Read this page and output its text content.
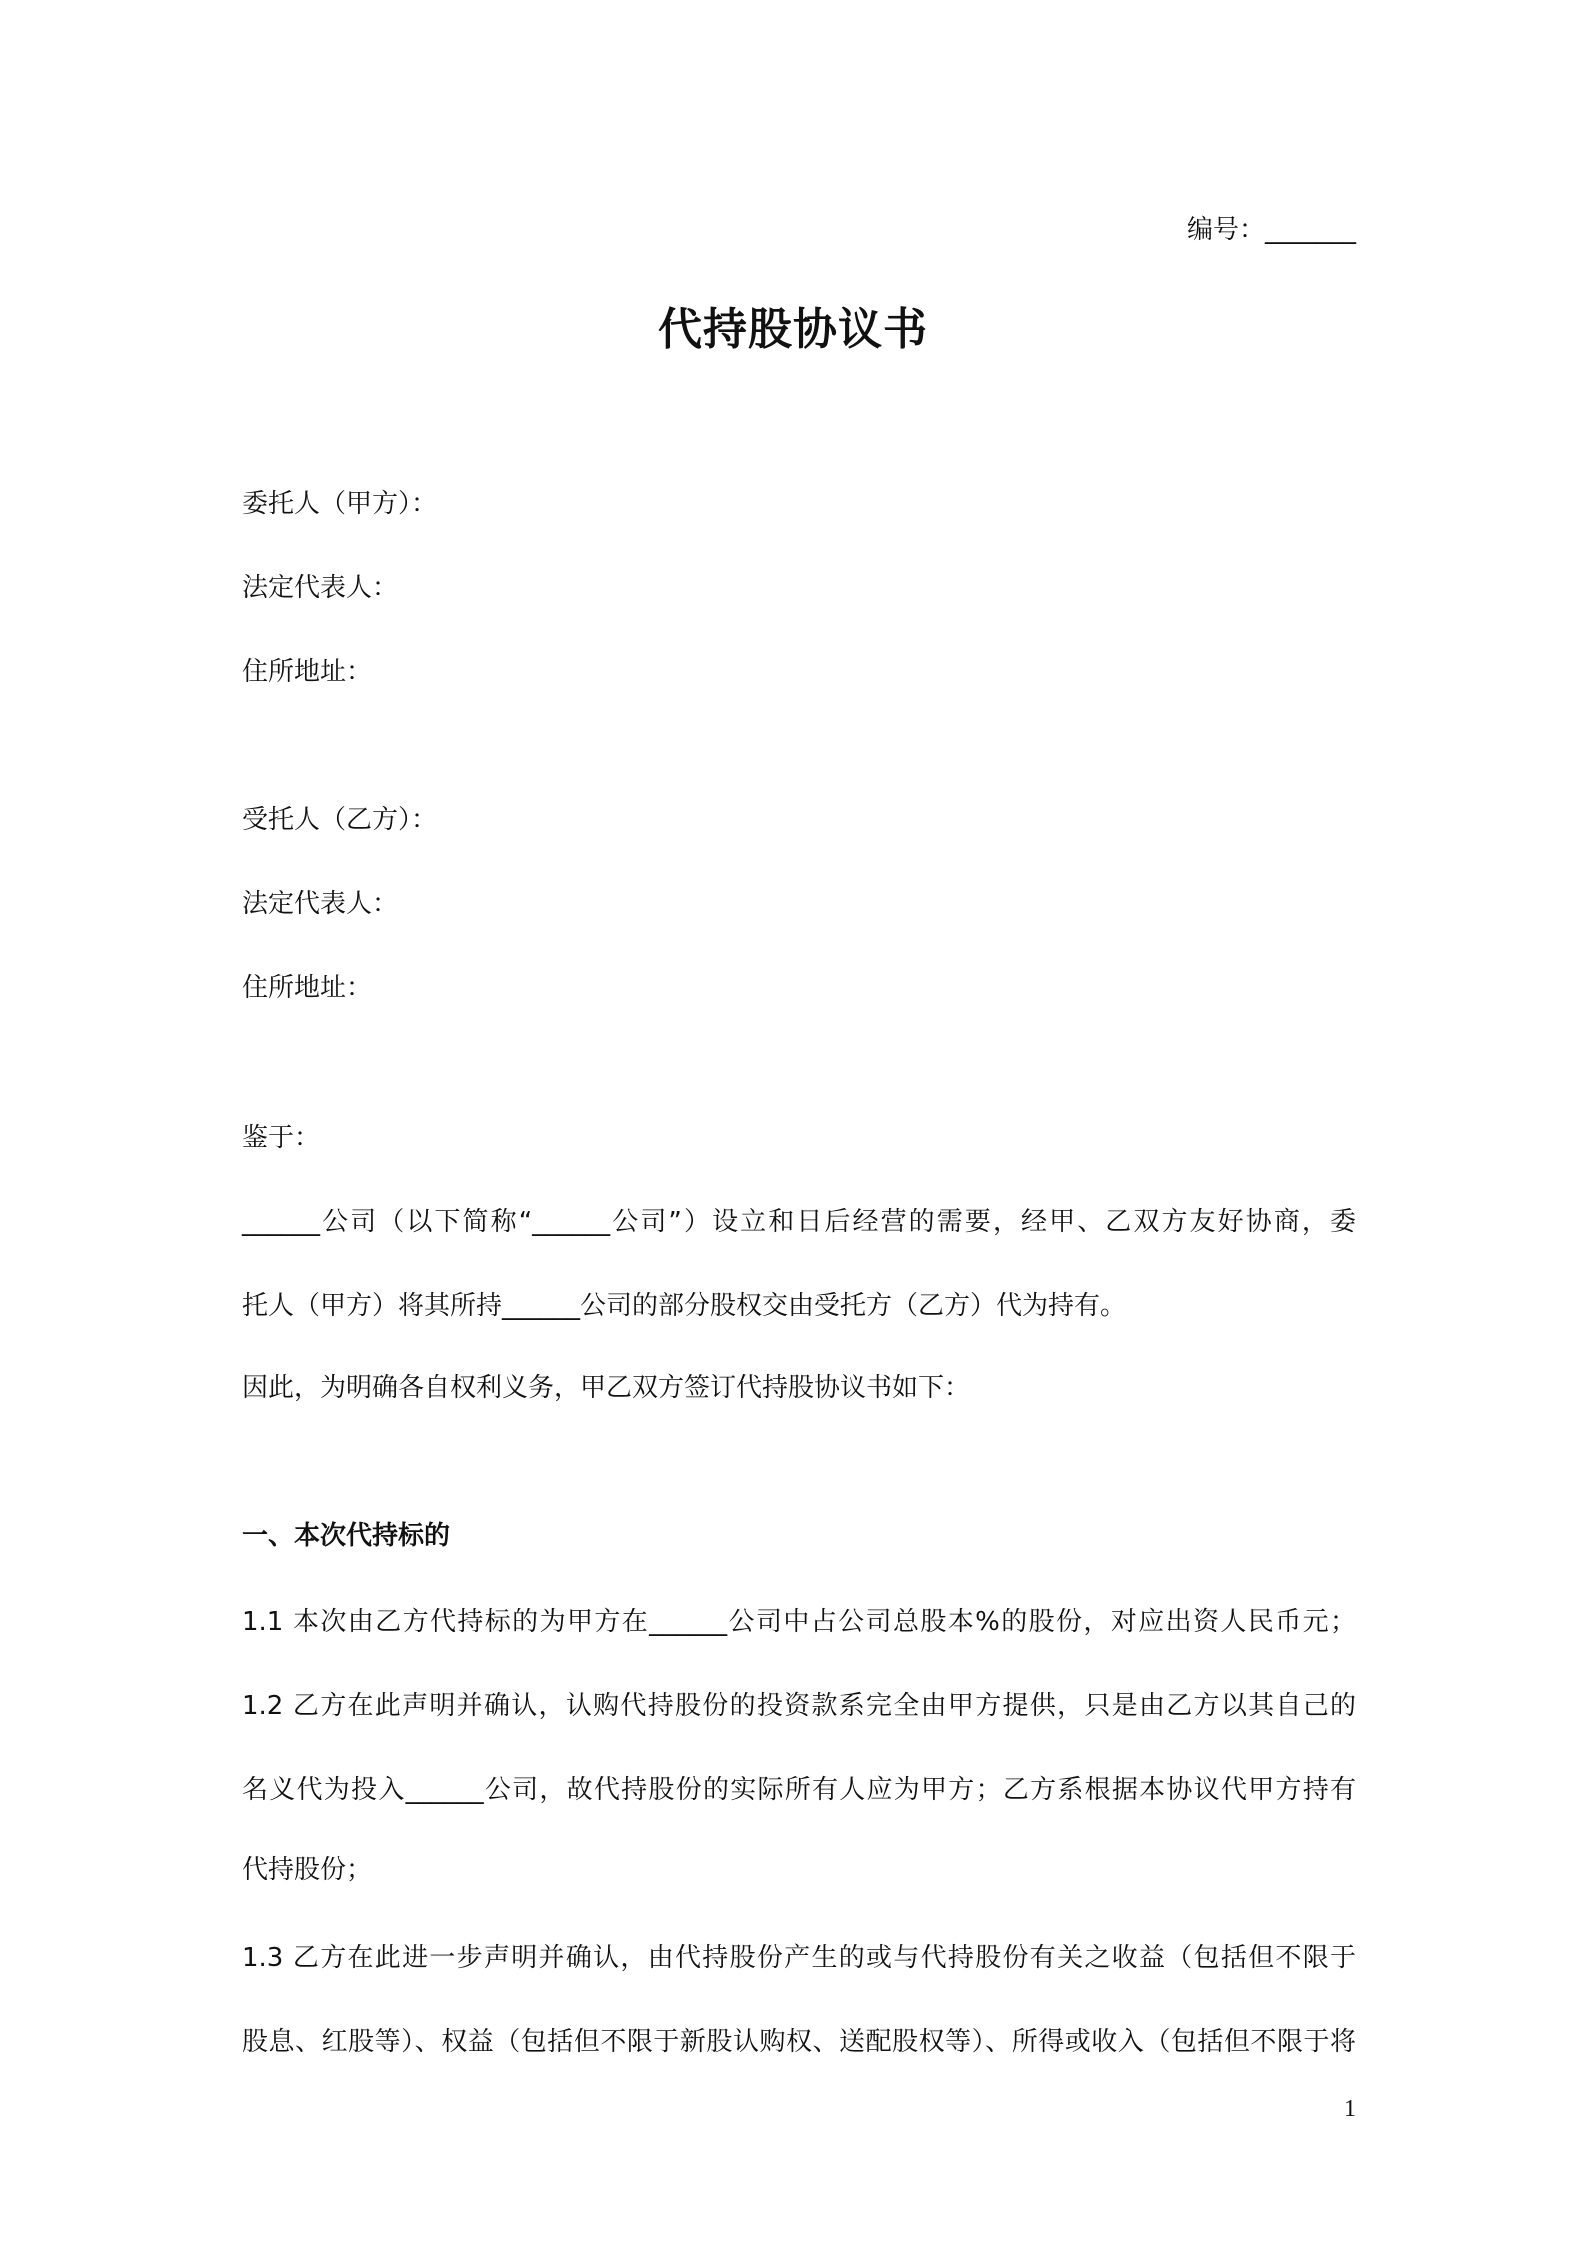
编号：_______
代持股协议书
委托人（甲方）：
法定代表人：
住所地址：
受托人（乙方）：
法定代表人：
住所地址：
鉴于：
______公司（以下简称“______公司”）设立和日后经营的需要，经甲、乙双方友好协商，委
托人（甲方）将其所持______公司的部分股权交由受托方（乙方）代为持有。
因此，为明确各自权利义务，甲乙双方签订代持股协议书如下：
一、本次代持标的
1.1 本次由乙方代持标的为甲方在______公司中占公司总股本%的股份，对应出资人民币元；
1.2 乙方在此声明并确认，认购代持股份的投资款系完全由甲方提供，只是由乙方以其自己的
名义代为投入______公司，故代持股份的实际所有人应为甲方；乙方系根据本协议代甲方持有
代持股份；
1.3 乙方在此进一步声明并确认，由代持股份产生的或与代持股份有关之收益（包括但不限于
股息、红股等）、权益（包括但不限于新股认购权、送配股权等）、所得或收入（包括但不限于将
1
